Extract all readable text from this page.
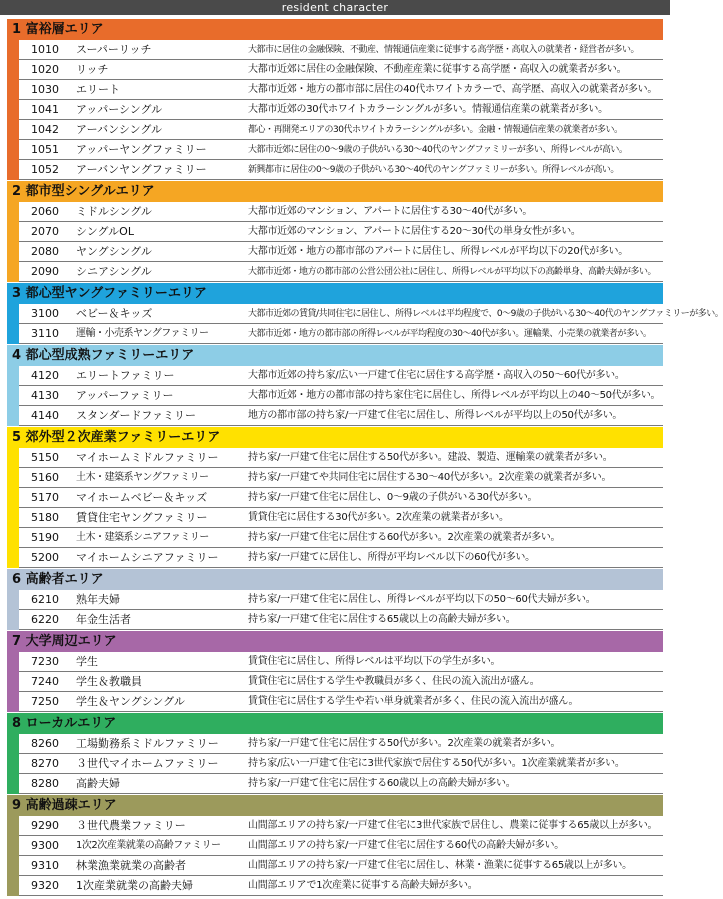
resident character
1 富裕層エリア
1010	スーパーリッチ	大都市に居住の金融保険、不動産、情報通信産業に従事する高学歴・高収入の就業者・経営者が多い。
1020	リッチ	大都市近郊に居住の金融保険、不動産産業に従事する高学歴・高収入の就業者が多い。
1030	エリート	大都市近郊・地方の都市部に居住の40代ホワイトカラーで、高学歴、高収入の就業者が多い。
1041	アッパーシングル	大都市近郊の30代ホワイトカラーシングルが多い。情報通信産業の就業者が多い。
1042	アーバンシングル	都心・再開発エリアの30代ホワイトカラーシングルが多い。金融・情報通信産業の就業者が多い。
1051	アッパーヤングファミリー	大都市近郊に居住の0〜9歳の子供がいる30〜40代のヤングファミリーが多い、所得レベルが高い。
1052	アーバンヤングファミリー	新興都市に居住の0〜9歳の子供がいる30〜40代のヤングファミリーが多い。所得レベルが高い。
2 都市型シングルエリア
2060	ミドルシングル	大都市近郊のマンション、アパートに居住する30〜40代が多い。
2070	シングルOL	大都市近郊のマンション、アパートに居住する20〜30代の単身女性が多い。
2080	ヤングシングル	大都市近郊・地方の都市部のアパートに居住し、所得レベルが平均以下の20代が多い。
2090	シニアシングル	大都市近郊・地方の都市部の公営公団公社に居住し、所得レベルが平均以下の高齢単身、高齢夫婦が多い。
3 都心型ヤングファミリーエリア
3100	ベビー＆キッズ	大都市近郊の賃貸/共同住宅に居住し、所得レベルは平均程度で、0〜9歳の子供がいる30〜40代のヤングファミリーが多い。
3110	運輸・小売系ヤングファミリー	大都市近郊・地方の都市部の所得レベルが平均程度の30〜40代が多い。運輸業、小売業の就業者が多い。
4 都心型成熟ファミリーエリア
4120	エリートファミリー	大都市近郊の持ち家/広い一戸建て住宅に居住する高学歴・高収入の50〜60代が多い。
4130	アッパーファミリー	大都市近郊・地方の都市部の持ち家住宅に居住し、所得レベルが平均以上の40〜50代が多い。
4140	スタンダードファミリー	地方の都市部の持ち家/一戸建て住宅に居住し、所得レベルが平均以上の50代が多い。
5 郊外型２次産業ファミリーエリア
5150	マイホームミドルファミリー	持ち家/一戸建て住宅に居住する50代が多い。建設、製造、運輸業の就業者が多い。
5160	土木・建築系ヤングファミリー	持ち家/一戸建てや共同住宅に居住する30〜40代が多い。2次産業の就業者が多い。
5170	マイホームベビー＆キッズ	持ち家/一戸建て住宅に居住し、0〜9歳の子供がいる30代が多い。
5180	賃貸住宅ヤングファミリー	賃貸住宅に居住する30代が多い。2次産業の就業者が多い。
5190	土木・建築系シニアファミリー	持ち家/一戸建て住宅に居住する60代が多い。2次産業の就業者が多い。
5200	マイホームシニアファミリー	持ち家/一戸建てに居住し、所得が平均レベル以下の60代が多い。
6 高齢者エリア
6210	熟年夫婦	持ち家/一戸建て住宅に居住し、所得レベルが平均以下の50〜60代夫婦が多い。
6220	年金生活者	持ち家/一戸建て住宅に居住する65歳以上の高齢夫婦が多い。
7 大学周辺エリア
7230	学生	賃貸住宅に居住し、所得レベルは平均以下の学生が多い。
7240	学生＆教職員	賃貸住宅に居住する学生や教職員が多く、住民の流入流出が盛ん。
7250	学生＆ヤングシングル	賃貸住宅に居住する学生や若い単身就業者が多く、住民の流入流出が盛ん。
8 ローカルエリア
8260	工場勤務系ミドルファミリー	持ち家/一戸建て住宅に居住する50代が多い。2次産業の就業者が多い。
8270	３世代マイホームファミリー	持ち家/広い一戸建て住宅に3世代家族で居住する50代が多い。1次産業就業者が多い。
8280	高齢夫婦	持ち家/一戸建て住宅に居住する60歳以上の高齢夫婦が多い。
9 高齢過疎エリア
9290	３世代農業ファミリー	山間部エリアの持ち家/一戸建て住宅に3世代家族で居住し、農業に従事する65歳以上が多い。
9300	1次2次産業就業の高齢ファミリー	山間部エリアの持ち家/一戸建て住宅に居住する60代の高齢夫婦が多い。
9310	林業漁業就業の高齢者	山間部エリアの持ち家/一戸建て住宅に居住し、林業・漁業に従事する65歳以上が多い。
9320	1次産業就業の高齢夫婦	山間部エリアで1次産業に従事する高齢夫婦が多い。
